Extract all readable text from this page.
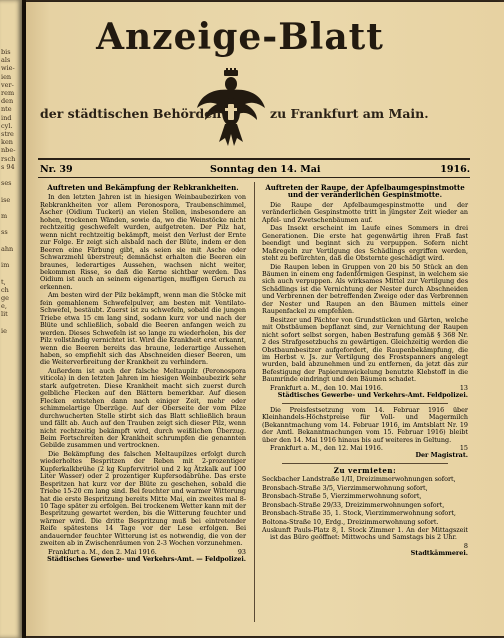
bis
als
wie-
ien
ver-
rem
den
nte
ind
cyl.
stre
ken
nbe-
rsch
s 94
ses
ise
m
ss
ahn
im
t,
ch
ge
e,
lit
ie
Anzeige-Blatt
der städtischen Behörden	zu Frankfurt am Main.
Nr. 39	Sonntag den 14. Mai	1916.
Auftreten und Bekämpfung der Rebkrankheiten.

In den letzten Jahren ist in hiesigen Weinbaubezirken von Rebkrankheiten vor allem Peronospora, Traubenschimmel, Äscher (Oidium Tuckeri) an vielen Stellen, insbesondere an hohen, trockenen Wänden, sowie da, wo die Weinstöcke nicht rechtzeitig geschwefelt wurden, aufgetreten. Der Pilz hat, wenn nicht rechtzeitig bekämpft, meist den Verlust der Ernte zur Folge. Er zeigt sich alsbald nach der Blüte, indem er den Beeren eine Färbung gibt, als seien sie mit Asche oder Schwarzmehl überstreut; demnächst erhalten die Beeren ein braunes, lederartiges Aussehen, wachsen nicht weiter, bekommen Risse, so daß die Kerne sichtbar werden. Das Oidium ist auch an seinem eigenartigen, muffigen Geruch zu erkennen.

Am besten wird der Pilz bekämpft, wenn man die Stöcke mit fein gemahlenem Schwefelpulver, am besten mit Ventilato-Schwefel, bestäubt. Zuerst ist zu schwefeln, sobald die jungen Triebe etwa 15 cm lang sind, sodann kurz vor und nach der Blüte und schließlich, sobald die Beeren anfangen weich zu werden. Dieses Schwefeln ist so lange zu wiederholen, bis der Pilz vollständig vernichtet ist. Wird die Krankheit erst erkannt, wenn die Beeren bereits das braune, lederartige Aussehen haben, so empfiehlt sich das Abschneiden dieser Beeren, um die Weiterverbreitung der Krankheit zu verhindern.

Außerdem ist auch der falsche Meltaupilz (Peronospora viticola) in den letzten Jahren im hiesigen Weinbaubezirk sehr stark aufgetreten. Diese Krankheit macht sich zuerst durch gelbliche Flecken auf den Blättern bemerkbar. Auf diesen Flecken entstehen dann nach einiger Zeit, mehr oder schimmelartige Überzüge. Auf der Oberseite der vom Pilze durchwucherten Stelle stirbt sich das Blatt schließlich braun und fällt ab. Auch auf den Trauben zeigt sich dieser Pilz, wenn nicht rechtzeitig bekämpft wird, durch weißlichen Überzug. Beim Fortschreiten der Krankheit schrumpfen die genannten Gebilde zusammen und vertrocknen.

Die Bekämpfung des falschen Meltaupilzes erfolgt durch wiederholtes Bespritzen der Reben mit 2-prozentiger Kupferkalkbrühe (2 kg Kupfervitriol und 2 kg Ätzkalk auf 100 Liter Wasser) oder 2 prozentiger Kupfersodabrühe. Das erste Bespritzen hat kurz vor der Blüte zu geschehen, sobald die Triebe 15-20 cm lang sind. Bei feuchter und warmer Witterung hat die erste Bespritzung bereits Mitte Mai, ein zweites mal 8-10 Tage später zu erfolgen. Bei trockenem Wetter kann mit der Bespritzung gewartet werden, bis die Witterung feuchter und wärmer wird. Die dritte Bespritzung muß bei eintretender Reife spätestens 14 Tage vor der Lese erfolgen. Bei andauernder feuchter Witterung ist es notwendig, die von der zweiten ab in Zwischenräumen von 2-3 Wochen vorzunehmen.

Frankfurt a. M., den 2. Mai 1916.	93
Städtisches Gewerbe- und Verkehrs-Amt. — Feldpolizei.
Auftreten der Raupe, der Apfelbaumgespinstmotte und der veränderlichen Gespinstmotte.

Die Raupe der Apfelbaumgespinstmotte und der veränderlichen Gespinstmotte tritt in jüngster Zeit wieder an Apfel- und Zwetschenbäumen auf.

Das Insekt erscheint im Laufe eines Sommers in drei Generationen. Die erste hat gegenwärtig ihren Fraß fast beendigt und beginnt sich zu verpuppen. Sofern nicht Maßregeln zur Vertilgung des Schädlings ergriffen werden, steht zu befürchten, daß die Obsternte geschädigt wird.

Die Raupen leben in Gruppen von 20 bis 50 Stück an den Bäumen in einem eng fadenförmigen Gespinst, in welchem sie sich auch verpuppen. Als wirksames Mittel zur Vertilgung des Schädlings ist die Vernichtung der Nester durch Abschneiden und Verbrennen der betreffenden Zweige oder das Verbrennen der Nester und Raupen an den Bäumen mittels einer Raupenfackel zu empfehlen.

Besitzer und Pächter von Grundstücken und Gärten, welche mit Obstbäumen bepflanzt sind, zur Vernichtung der Raupen nicht sofort selbst sorgen, haben Bestrafung gemäß § 368 Nr. 2 des Strafgesetzbuchs zu gewärtigen. Gleichzeitig werden die Obstbaumbesitzer aufgefordert, die Raupenbekämpfung, die im Herbst v. Js. zur Vertilgung des Frostspanners angelegt wurden, bald abzunehmen und zu entfernen, da jetzt das zur Befestigung der Papierumwickelung benutzte Klebstoff in die Baumrinde eindringt und den Bäumen schadet.

Frankfurt a. M., den 10. Mai 1916.	13
Städtisches Gewerbe- und Verkehrs-Amt. Feldpolizei.

Die Preisfestsetzung vom 14. Februar 1916 über Kleinhandels-Höchstpreise für Voll- und Magermilch (Bekanntmachung vom 14. Februar 1916, im Amtsblatt Nr. 19 der Amtl. Bekanntmachungen vom 15. Februar 1916) bleibt über den 14. Mai 1916 hinaus bis auf weiteres in Geltung.

Frankfurt a. M., den 12. Mai 1916.	15
Der Magistrat.
Zu vermieten:

Seckbacher Landstraße 1/II, Dreizimmerwohnungen sofort,

Bronsbach-Straße 3/5, Vierzimmerwohnung sofort,

Bronsbach-Straße 5, Vierzimmerwohnung sofort,

Bronsbach-Straße 29/33, Dreizimmerwohnungen sofort,

Bronsbach-Straße 35, 1. Stock, Vierzimmerwohnung sofort,

Boltona-Straße 10, Erdg., Dreizimmerwohnung sofort.

Auskunft Pauls-Platz 8, I. Stock Zimmer 1. An der Mittagszeit ist das Büro geöffnet: Mittwochs und Samstags bis 2 Uhr.

8
Stadtkämmerei.
